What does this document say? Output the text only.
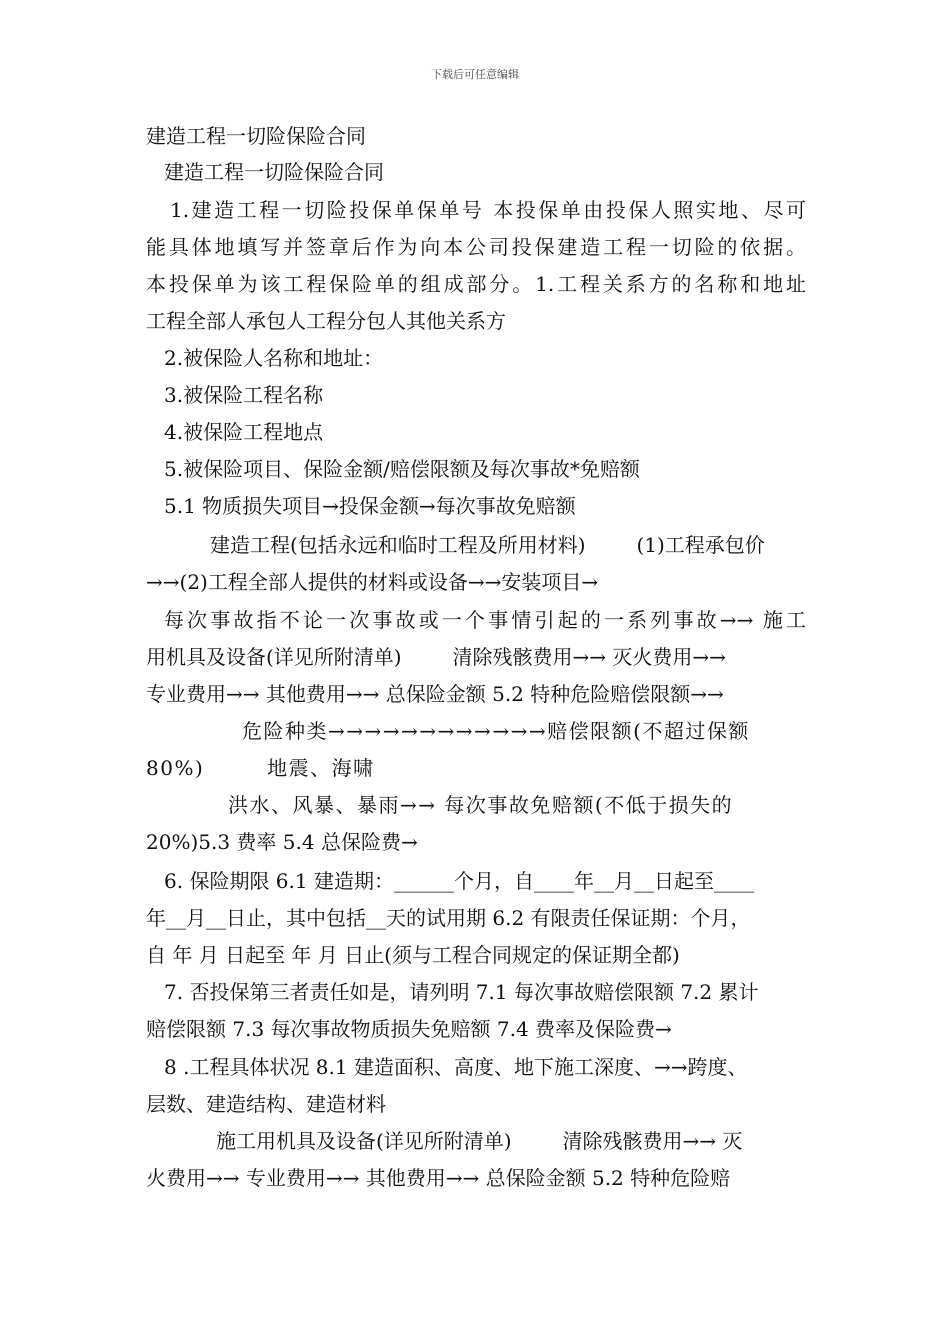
下载后可任意编辑
建造工程一切险保险合同
建造工程一切险保险合同
1.建造工程一切险投保单保单号 本投保单由投保人照实地、尽可
能具体地填写并签章后作为向本公司投保建造工程一切险的依据。
本投保单为该工程保险单的组成部分。1.工程关系方的名称和地址
工程全部人承包人工程分包人其他关系方
2.被保险人名称和地址：
3.被保险工程名称
4.被保险工程地点
5.被保险项目、保险金额/赔偿限额及每次事故*免赔额
5.1 物质损失项目→投保金额→每次事故免赔额
建造工程(包括永远和临时工程及所用材料)        (1)工程承包价
→→(2)工程全部人提供的材料或设备→→安装项目→
每次事故指不论一次事故或一个事情引起的一系列事故→→ 施工
用机具及设备(详见所附清单)        清除残骸费用→→ 灭火费用→→
专业费用→→ 其他费用→→ 总保险金额 5.2 特种危险赔偿限额→→
危险种类→→→→→→→→→→→→赔偿限额(不超过保额
80%)        地震、海啸
洪水、风暴、暴雨→→ 每次事故免赔额(不低于损失的
20%)5.3 费率 5.4 总保险费→
6. 保险期限 6.1 建造期：______个月，自____年__月__日起至____
年__月__日止，其中包括__天的试用期 6.2 有限责任保证期：个月，
自 年 月 日起至 年 月 日止(须与工程合同规定的保证期全都)
7. 否投保第三者责任如是，请列明 7.1 每次事故赔偿限额 7.2 累计
赔偿限额 7.3 每次事故物质损失免赔额 7.4 费率及保险费→
8 .工程具体状况 8.1 建造面积、高度、地下施工深度、→→跨度、
层数、建造结构、建造材料
施工用机具及设备(详见所附清单)        清除残骸费用→→ 灭
火费用→→ 专业费用→→ 其他费用→→ 总保险金额 5.2 特种危险赔
